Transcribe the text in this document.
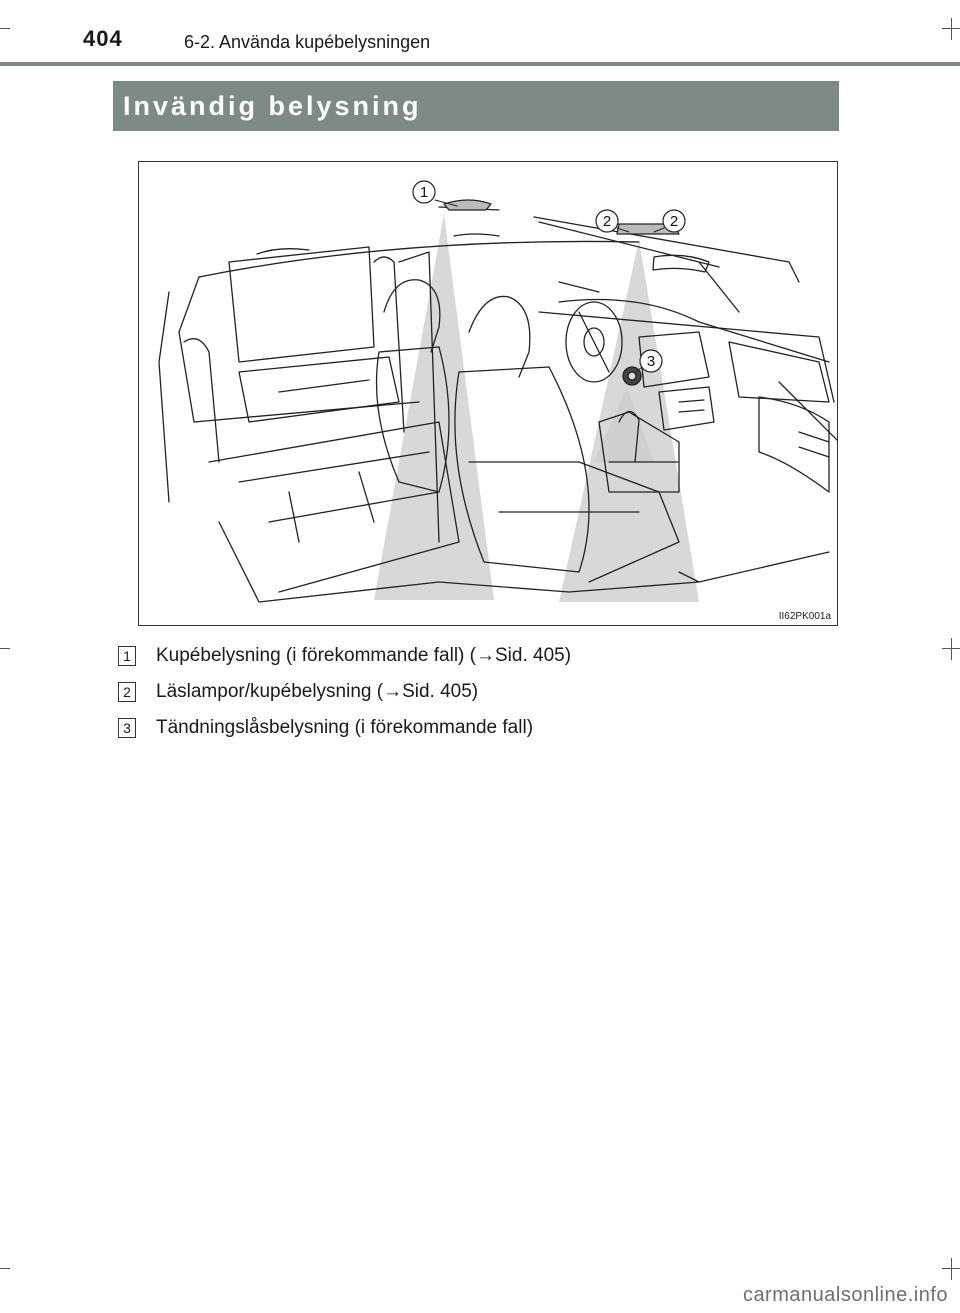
404	6-2. Använda kupébelysningen
Invändig belysning
1
2	2
3
II62PK001a
1 Kupébelysning (i förekommande fall) (→Sid. 405)
2 Läslampor/kupébelysning (→Sid. 405)
3 Tändningslåsbelysning (i förekommande fall)
carmanualsonline.info
